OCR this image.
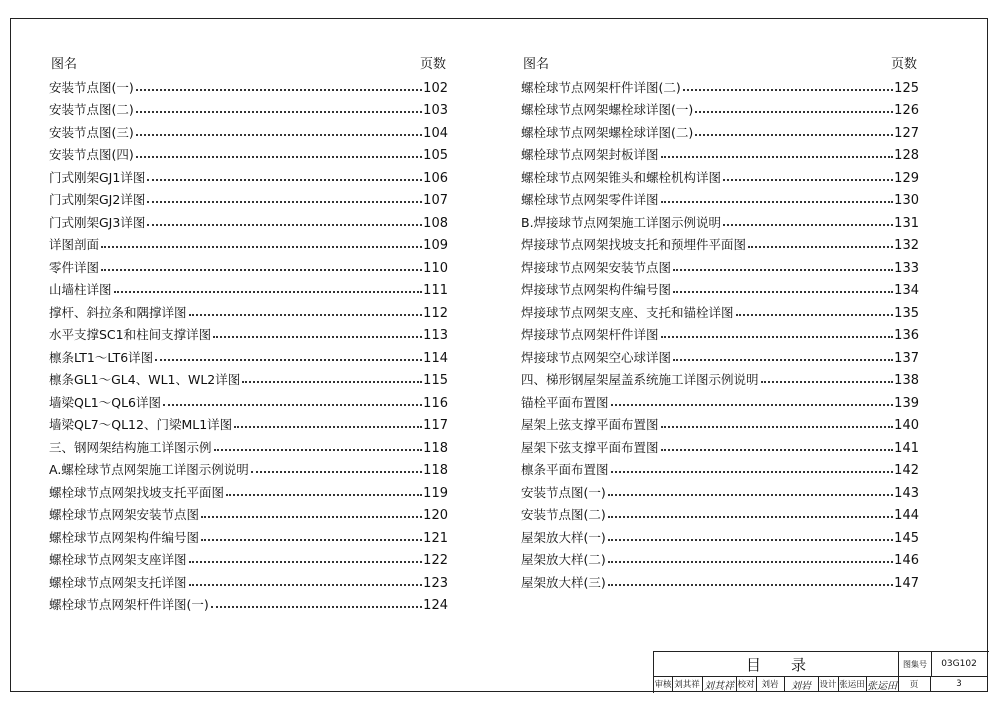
图名	页数
安装节点图(一)	102
安装节点图(二)	103
安装节点图(三)	104
安装节点图(四)	105
门式刚架GJ1详图	106
门式刚架GJ2详图	107
门式刚架GJ3详图	108
详图剖面	109
零件详图	110
山墙柱详图	111
撑杆、斜拉条和隅撑详图	112
水平支撑SC1和柱间支撑详图	113
檩条LT1～LT6详图	114
檩条GL1～GL4、WL1、WL2详图	115
墙梁QL1～QL6详图	116
墙梁QL7～QL12、门梁ML1详图	117
三、钢网架结构施工详图示例	118
A.螺栓球节点网架施工详图示例说明	118
螺栓球节点网架找坡支托平面图	119
螺栓球节点网架安装节点图	120
螺栓球节点网架构件编号图	121
螺栓球节点网架支座详图	122
螺栓球节点网架支托详图	123
螺栓球节点网架杆件详图(一)	124
图名	页数
螺栓球节点网架杆件详图(二)	125
螺栓球节点网架螺栓球详图(一)	126
螺栓球节点网架螺栓球详图(二)	127
螺栓球节点网架封板详图	128
螺栓球节点网架锥头和螺栓机构详图	129
螺栓球节点网架零件详图	130
B.焊接球节点网架施工详图示例说明	131
焊接球节点网架找坡支托和预埋件平面图	132
焊接球节点网架安装节点图	133
焊接球节点网架构件编号图	134
焊接球节点网架支座、支托和锚栓详图	135
焊接球节点网架杆件详图	136
焊接球节点网架空心球详图	137
四、梯形钢屋架屋盖系统施工详图示例说明	138
锚栓平面布置图	139
屋架上弦支撑平面布置图	140
屋架下弦支撑平面布置图	141
檩条平面布置图	142
安装节点图(一)	143
安装节点图(二)	144
屋架放大样(一)	145
屋架放大样(二)	146
屋架放大样(三)	147
目录	图集号	03G102
审核 刘其祥 刘其祥 校对 刘岩	刘岩 设计 张运田 张运田	页	3
